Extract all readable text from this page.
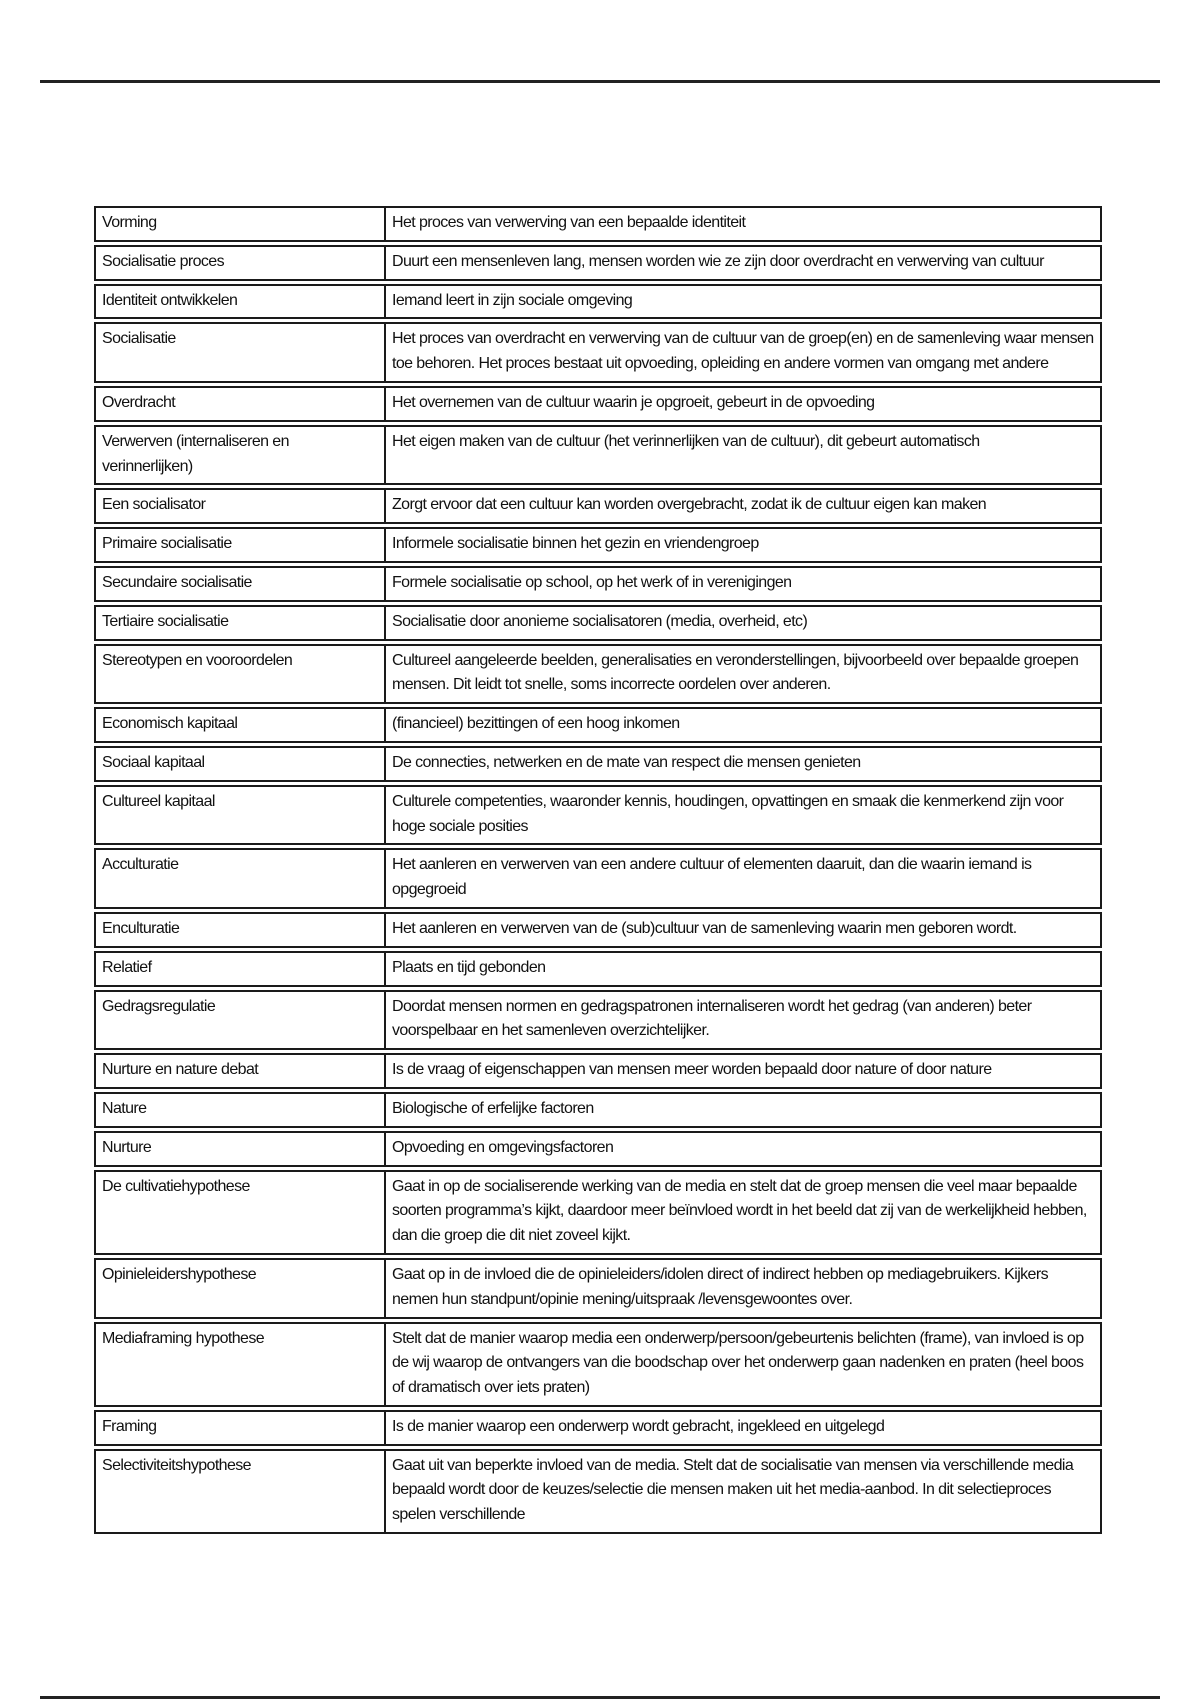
Vorming	Het proces van verwerving van een bepaalde identiteit
Socialisatie proces	Duurt een mensenleven lang, mensen worden wie ze zijn door overdracht en verwerving van cultuur
Identiteit ontwikkelen	Iemand leert in zijn sociale omgeving
Socialisatie	Het proces van overdracht en verwerving van de cultuur van de groep(en) en de samenleving waar mensen toe behoren. Het proces bestaat uit opvoeding, opleiding en andere vormen van omgang met andere
Overdracht	Het overnemen van de cultuur waarin je opgroeit, gebeurt in de opvoeding
Verwerven (internaliseren en verinnerlijken)	Het eigen maken van de cultuur (het verinnerlijken van de cultuur), dit gebeurt automatisch
Een socialisator	Zorgt ervoor dat een cultuur kan worden overgebracht, zodat ik de cultuur eigen kan maken
Primaire socialisatie	Informele socialisatie binnen het gezin en vriendengroep
Secundaire socialisatie	Formele socialisatie op school, op het werk of in verenigingen
Tertiaire socialisatie	Socialisatie door anonieme socialisatoren (media, overheid, etc)
Stereotypen en vooroordelen	Cultureel aangeleerde beelden, generalisaties en veronderstellingen, bijvoorbeeld over bepaalde groepen mensen. Dit leidt tot snelle, soms incorrecte oordelen over anderen.
Economisch kapitaal	(financieel) bezittingen of een hoog inkomen
Sociaal kapitaal	De connecties, netwerken en de mate van respect die mensen genieten
Cultureel kapitaal	Culturele competenties, waaronder kennis, houdingen, opvattingen en smaak die kenmerkend zijn voor hoge sociale posities
Acculturatie	Het aanleren en verwerven van een andere cultuur of elementen daaruit, dan die waarin iemand is opgegroeid
Enculturatie	Het aanleren en verwerven van de (sub)cultuur van de samenleving waarin men geboren wordt.
Relatief	Plaats en tijd gebonden
Gedragsregulatie	Doordat mensen normen en gedragspatronen internaliseren wordt het gedrag (van anderen) beter voorspelbaar en het samenleven overzichtelijker.
Nurture en nature debat	Is de vraag of eigenschappen van mensen meer worden bepaald door nature of door nature
Nature	Biologische of erfelijke factoren
Nurture	Opvoeding en omgevingsfactoren
De cultivatiehypothese	Gaat in op de socialiserende werking van de media en stelt dat de groep mensen die veel maar bepaalde soorten programma’s kijkt, daardoor meer beïnvloed wordt in het beeld dat zij van de werkelijkheid hebben, dan die groep die dit niet zoveel kijkt.
Opinieleidershypothese	Gaat op in de invloed die de opinieleiders/idolen direct of indirect hebben op mediagebruikers. Kijkers nemen hun standpunt/opinie mening/uitspraak /levensgewoontes over.
Mediaframing hypothese	Stelt dat de manier waarop media een onderwerp/persoon/gebeurtenis belichten (frame), van invloed is op de wij waarop de ontvangers van die boodschap over het onderwerp gaan nadenken en praten (heel boos of dramatisch over iets praten)
Framing	Is de manier waarop een onderwerp wordt gebracht, ingekleed en uitgelegd
Selectiviteitshypothese	Gaat uit van beperkte invloed van de media. Stelt dat de socialisatie van mensen via verschillende media bepaald wordt door de keuzes/selectie die mensen maken uit het media-aanbod. In dit selectieproces spelen verschillende
